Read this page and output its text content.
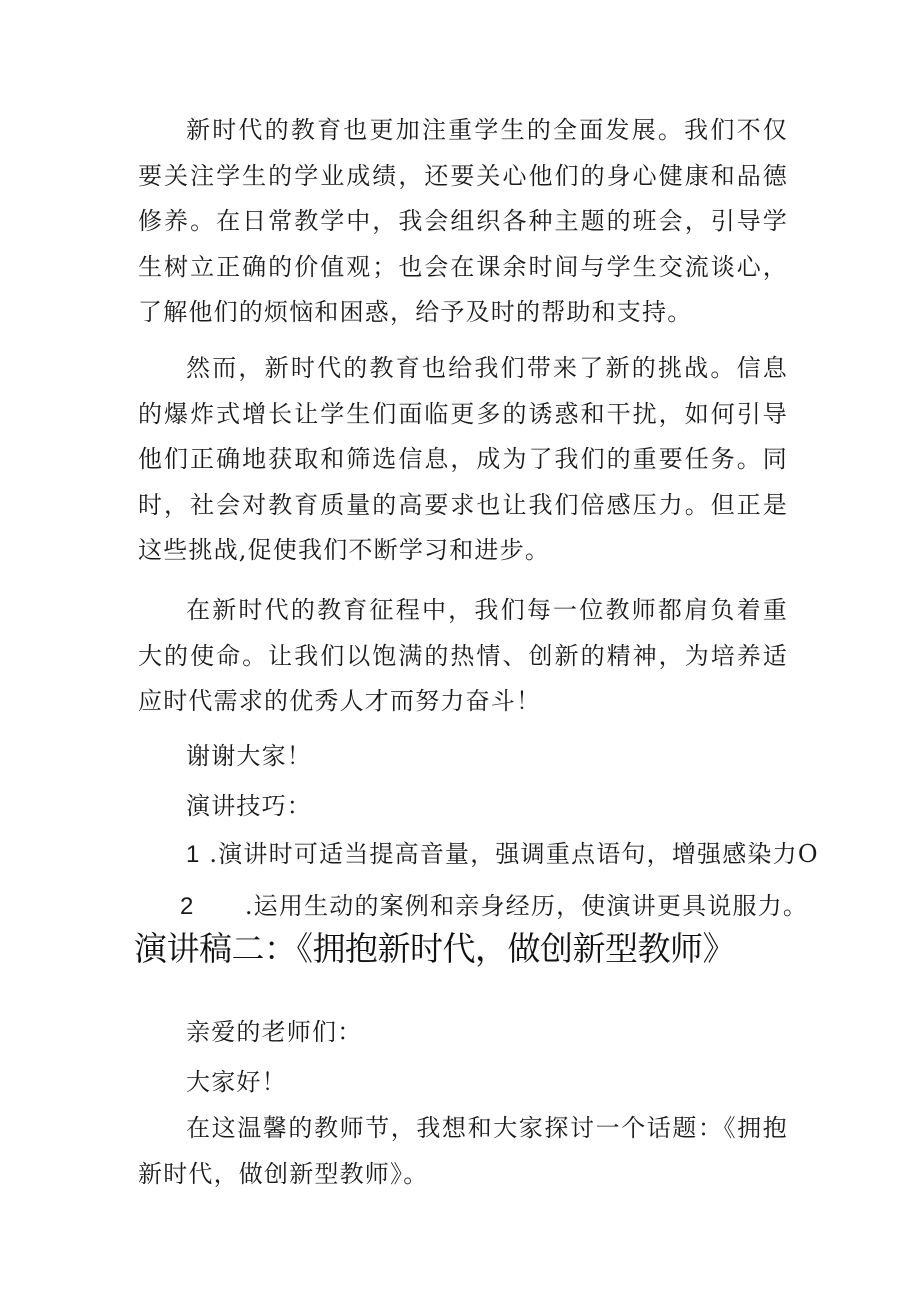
新时代的教育也更加注重学生的全面发展。我们不仅要关注学生的学业成绩，还要关心他们的身心健康和品德修养。在日常教学中，我会组织各种主题的班会，引导学生树立正确的价值观；也会在课余时间与学生交流谈心，了解他们的烦恼和困惑，给予及时的帮助和支持。

然而，新时代的教育也给我们带来了新的挑战。信息的爆炸式增长让学生们面临更多的诱惑和干扰，如何引导他们正确地获取和筛选信息，成为了我们的重要任务。同时，社会对教育质量的高要求也让我们倍感压力。但正是这些挑战,促使我们不断学习和进步。

在新时代的教育征程中，我们每一位教师都肩负着重大的使命。让我们以饱满的热情、创新的精神，为培养适应时代需求的优秀人才而努力奋斗！

谢谢大家！

演讲技巧：

1 .演讲时可适当提高音量，强调重点语句，增强感染力O

2 .运用生动的案例和亲身经历，使演讲更具说服力。

演讲稿二：《拥抱新时代，做创新型教师》

亲爱的老师们：

大家好！

在这温馨的教师节，我想和大家探讨一个话题：《拥抱新时代，做创新型教师》。
